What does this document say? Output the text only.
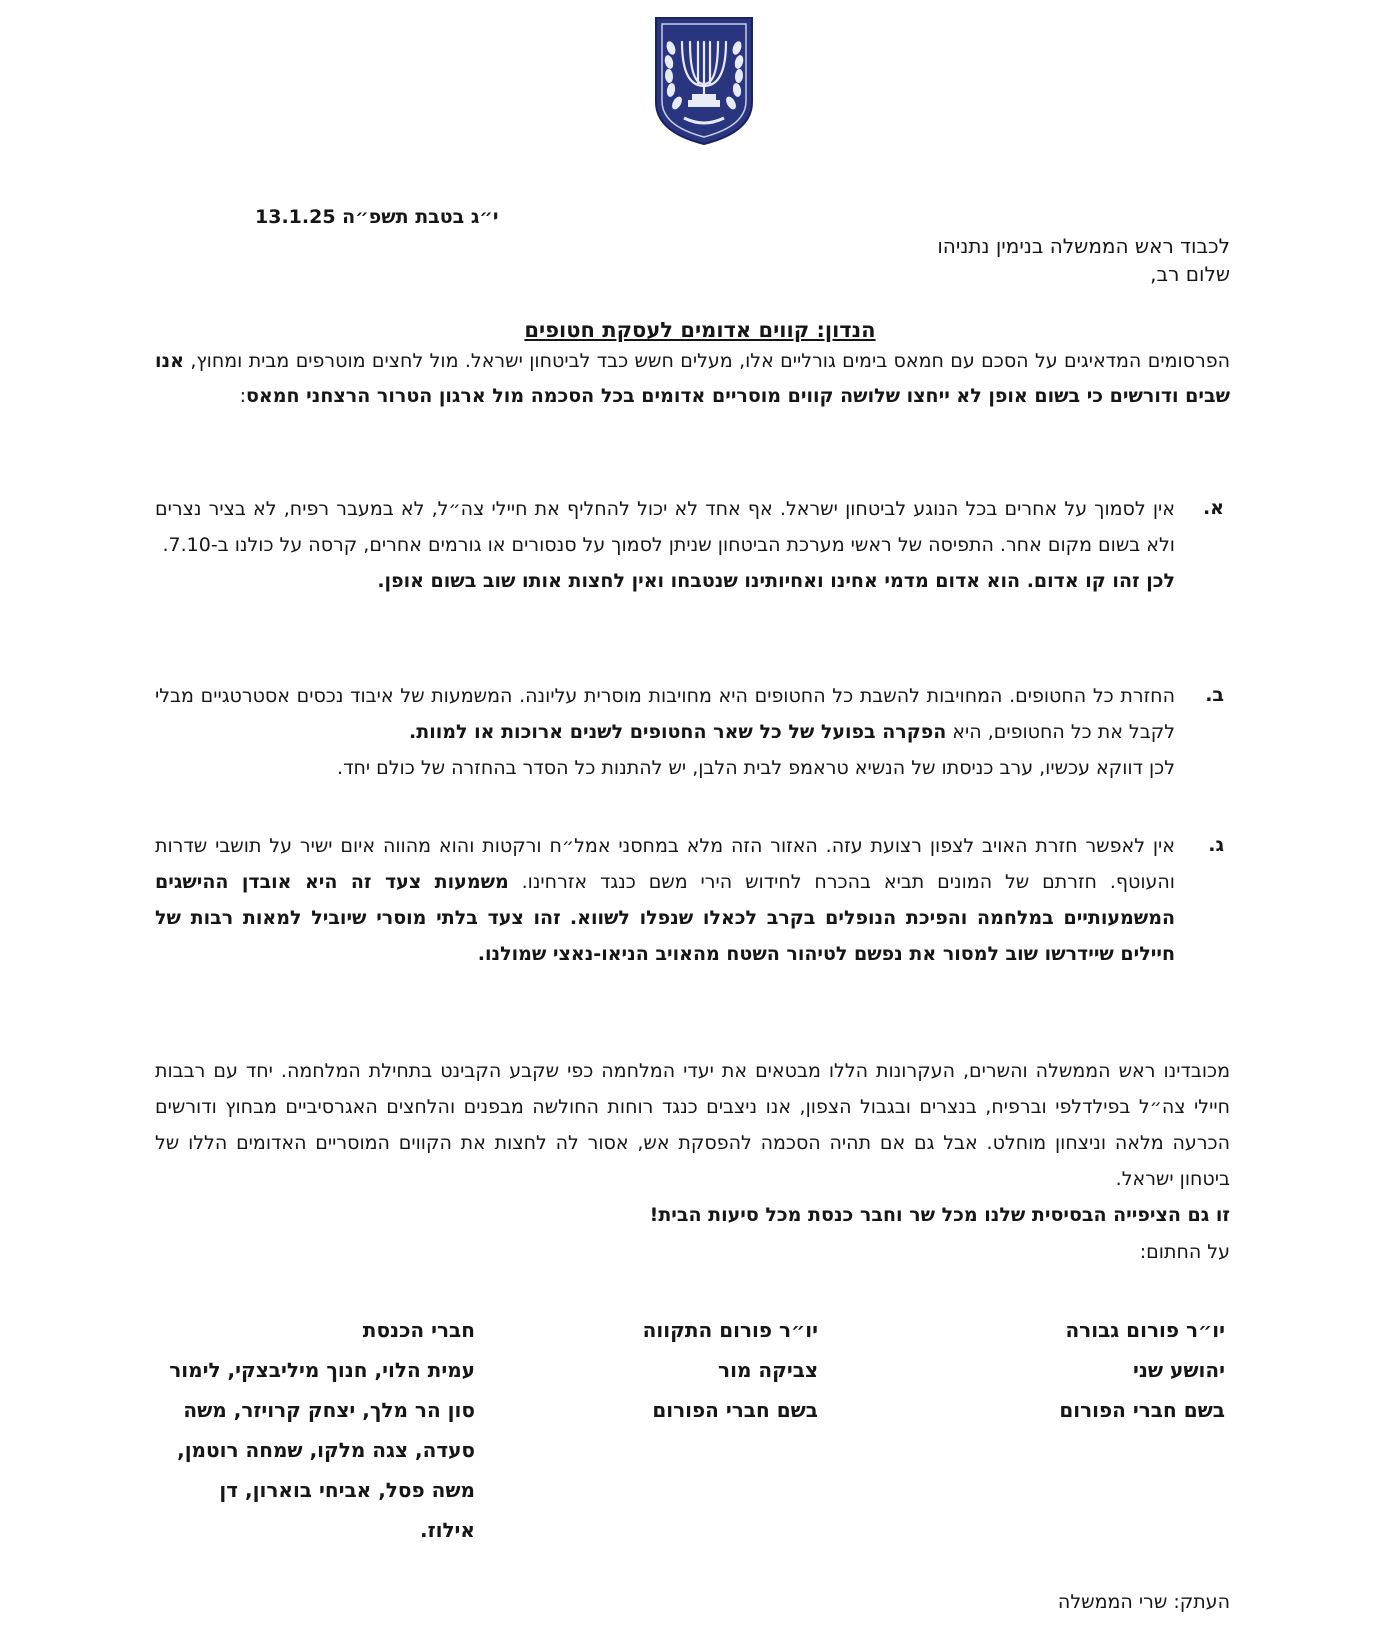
י״ג בטבת תשפ״ה 13.1.25
לכבוד ראש הממשלה בנימין נתניהו
שלום רב,
הנדון: קווים אדומים לעסקת חטופים
הפרסומים המדאיגים על הסכם עם חמאס בימים גורליים אלו, מעלים חשש כבד לביטחון ישראל. מול לחצים מוטרפים מבית ומחוץ, אנו שבים ודורשים כי בשום אופן לא ייחצו שלושה קווים מוסריים אדומים בכל הסכמה מול ארגון הטרור הרצחני חמאס:
א.
אין לסמוך על אחרים בכל הנוגע לביטחון ישראל. אף אחד לא יכול להחליף את חיילי צה״ל, לא במעבר רפיח, לא בציר נצרים ולא בשום מקום אחר. התפיסה של ראשי מערכת הביטחון שניתן לסמוך על סנסורים או גורמים אחרים, קרסה על כולנו ב-7.10.
לכן זהו קו אדום. הוא אדום מדמי אחינו ואחיותינו שנטבחו ואין לחצות אותו שוב בשום אופן.
ב.
החזרת כל החטופים. המחויבות להשבת כל החטופים היא מחויבות מוסרית עליונה. המשמעות של איבוד נכסים אסטרטגיים מבלי לקבל את כל החטופים, היא הפקרה בפועל של כל שאר החטופים לשנים ארוכות או למוות.
לכן דווקא עכשיו, ערב כניסתו של הנשיא טראמפ לבית הלבן, יש להתנות כל הסדר בהחזרה של כולם יחד.
ג.
אין לאפשר חזרת האויב לצפון רצועת עזה. האזור הזה מלא במחסני אמל״ח ורקטות והוא מהווה איום ישיר על תושבי שדרות והעוטף. חזרתם של המונים תביא בהכרח לחידוש הירי משם כנגד אזרחינו. משמעות צעד זה היא אובדן ההישגים המשמעותיים במלחמה והפיכת הנופלים בקרב לכאלו שנפלו לשווא. זהו צעד בלתי מוסרי שיוביל למאות רבות של חיילים שיידרשו שוב למסור את נפשם לטיהור השטח מהאויב הניאו-נאצי שמולנו.
מכובדינו ראש הממשלה והשרים, העקרונות הללו מבטאים את יעדי המלחמה כפי שקבע הקבינט בתחילת המלחמה. יחד עם רבבות חיילי צה״ל בפילדלפי וברפיח, בנצרים ובגבול הצפון, אנו ניצבים כנגד רוחות החולשה מבפנים והלחצים האגרסיביים מבחוץ ודורשים הכרעה מלאה וניצחון מוחלט. אבל גם אם תהיה הסכמה להפסקת אש, אסור לה לחצות את הקווים המוסריים האדומים הללו של ביטחון ישראל.
זו גם הציפייה הבסיסית שלנו מכל שר וחבר כנסת מכל סיעות הבית!
על החתום:
יו״ר פורום גבורה
יהושע שני
בשם חברי הפורום
יו״ר פורום התקווה
צביקה מור
בשם חברי הפורום
חברי הכנסת
עמית הלוי, חנוך מיליבצקי, לימור
סון הר מלך, יצחק קרויזר, משה
סעדה, צגה מלקו, שמחה רוטמן,
משה פסל, אביחי בוארון, דן
אילוז.
העתק: שרי הממשלה
